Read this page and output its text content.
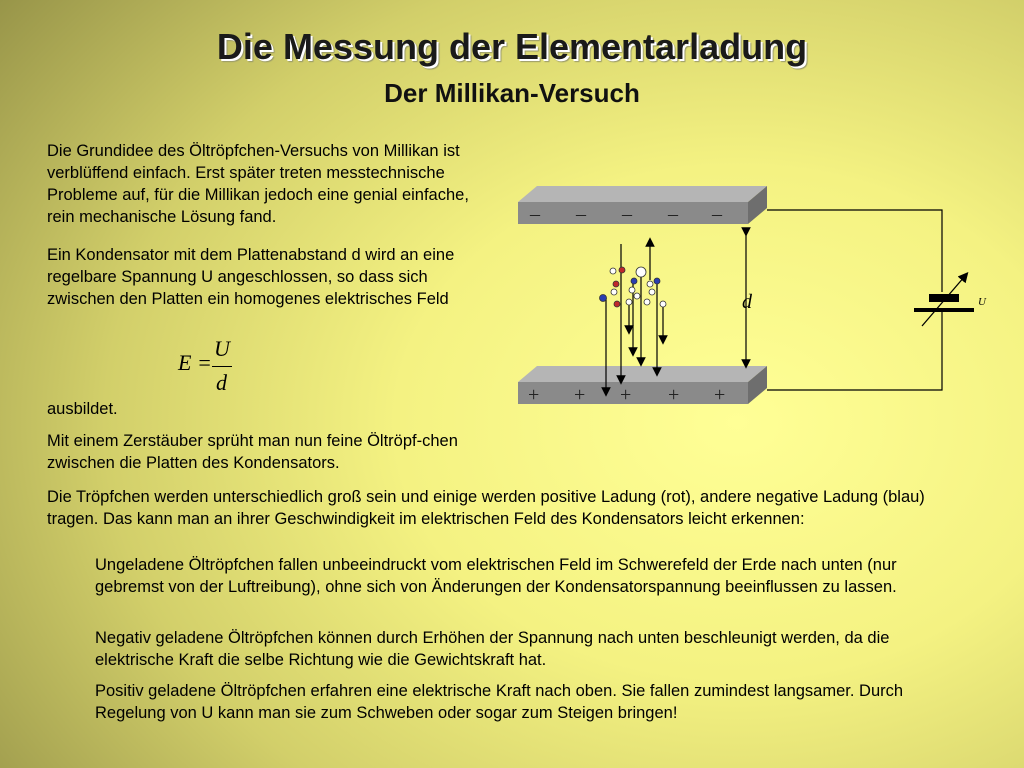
Die Messung der Elementarladung
Der Millikan-Versuch

Die Grundidee des Öltröpfchen-Versuchs von Millikan ist verblüffend einfach. Erst später treten messtechnische Probleme auf, für die Millikan jedoch eine genial einfache, rein mechanische Lösung fand.

Ein Kondensator mit dem Plattenabstand d wird an eine regelbare Spannung U angeschlossen, so dass sich zwischen den Platten ein homogenes elektrisches Feld

E =
U
d

ausbildet.

Mit einem Zerstäuber sprüht man nun feine Öltröpf-chen zwischen die Platten des Kondensators.

Die Tröpfchen werden unterschiedlich groß sein und einige werden positive Ladung (rot), andere negative Ladung (blau) tragen. Das kann man an ihrer Geschwindigkeit im elektrischen Feld des Kondensators leicht erkennen:

Ungeladene Öltröpfchen fallen unbeeindruckt vom elektrischen Feld im Schwerefeld der Erde nach unten (nur gebremst von der Luftreibung), ohne sich von Änderungen der Kondensatorspannung beeinflussen zu lassen.

Negativ geladene Öltröpfchen können durch Erhöhen der Spannung nach unten beschleunigt werden, da die elektrische Kraft die selbe Richtung wie die Gewichtskraft hat.

Positiv geladene Öltröpfchen erfahren eine elektrische Kraft nach oben. Sie fallen zumindest langsamer. Durch Regelung von U kann man sie zum Schweben oder sogar zum Steigen bringen!

U
– – – – –
+ + + + +
d
